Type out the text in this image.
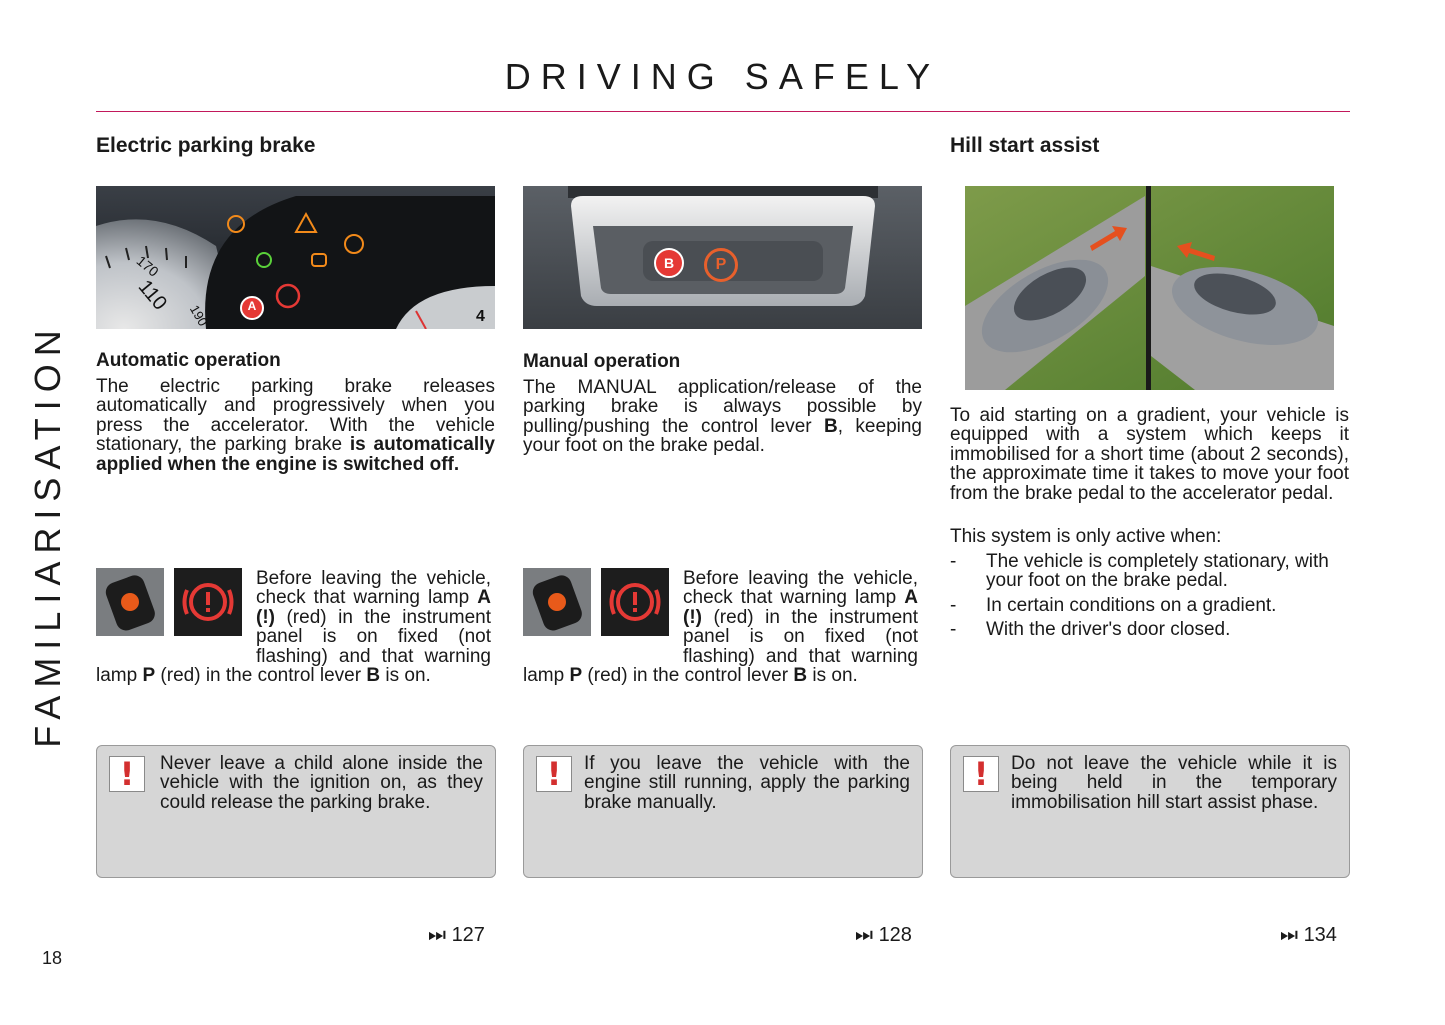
DRIVING SAFELY
FAMILIARISATION
Electric parking brake
A
170
110
190	4
Automatic operation
The electric parking brake releases automatically and progressively when you press the accelerator. With the vehicle stationary, the parking brake is automatically applied when the engine is switched off.
Before leaving the vehicle, check that warning lamp A (!) (red) in the instrument panel is on fixed (not flashing) and that warning lamp P (red) in the control lever B is on.
!	Never leave a child alone inside the vehicle with the ignition on, as they could release the parking brake.
⏭ 127
B	P
Manual operation
The MANUAL application/release of the parking brake is always possible by pulling/pushing the control lever B, keeping your foot on the brake pedal.
Before leaving the vehicle, check that warning lamp A (!) (red) in the instrument panel is on fixed (not flashing) and that warning lamp P (red) in the control lever B is on.
!	If you leave the vehicle with the engine still running, apply the parking brake manually.
⏭ 128
Hill start assist
To aid starting on a gradient, your vehicle is equipped with a system which keeps it immobilised for a short time (about 2 seconds), the approximate time it takes to move your foot from the brake pedal to the accelerator pedal.
This system is only active when:
- The vehicle is completely stationary, with your foot on the brake pedal.
- In certain conditions on a gradient.
- With the driver's door closed.
!	Do not leave the vehicle while it is being held in the temporary immobilisation hill start assist phase.
⏭ 134
18
